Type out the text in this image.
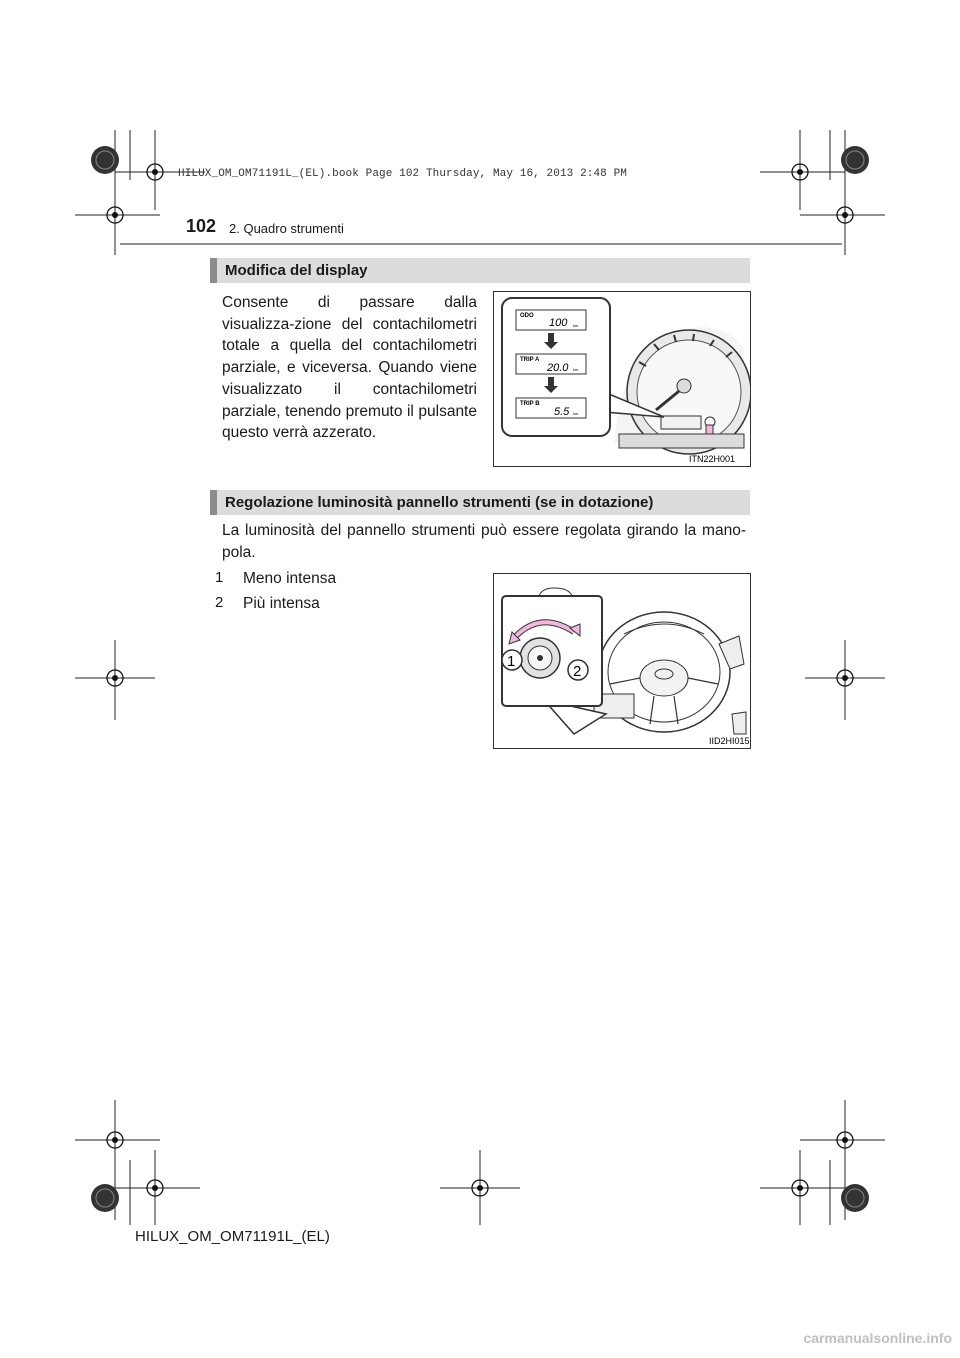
HILUX_OM_OM71191L_(EL).book Page 102 Thursday, May 16, 2013 2:48 PM
102 2. Quadro strumenti
Modifica del display
Consente di passare dalla visualizza-zione del contachilometri totale a quella del contachilometri parziale, e viceversa. Quando viene visualizzato il contachilometri parziale, tenendo premuto il pulsante questo verrà azzerato.
ODO
100 km
TRIP A
20.0 km
TRIP B
5.5 km
ITN22H001
Regolazione luminosità pannello strumenti (se in dotazione)
La luminosità del pannello strumenti può essere regolata girando la mano-pola.
1	Meno intensa
2	Più intensa
1
2
IID2HI015
HILUX_OM_OM71191L_(EL)
carmanualsonline.info
